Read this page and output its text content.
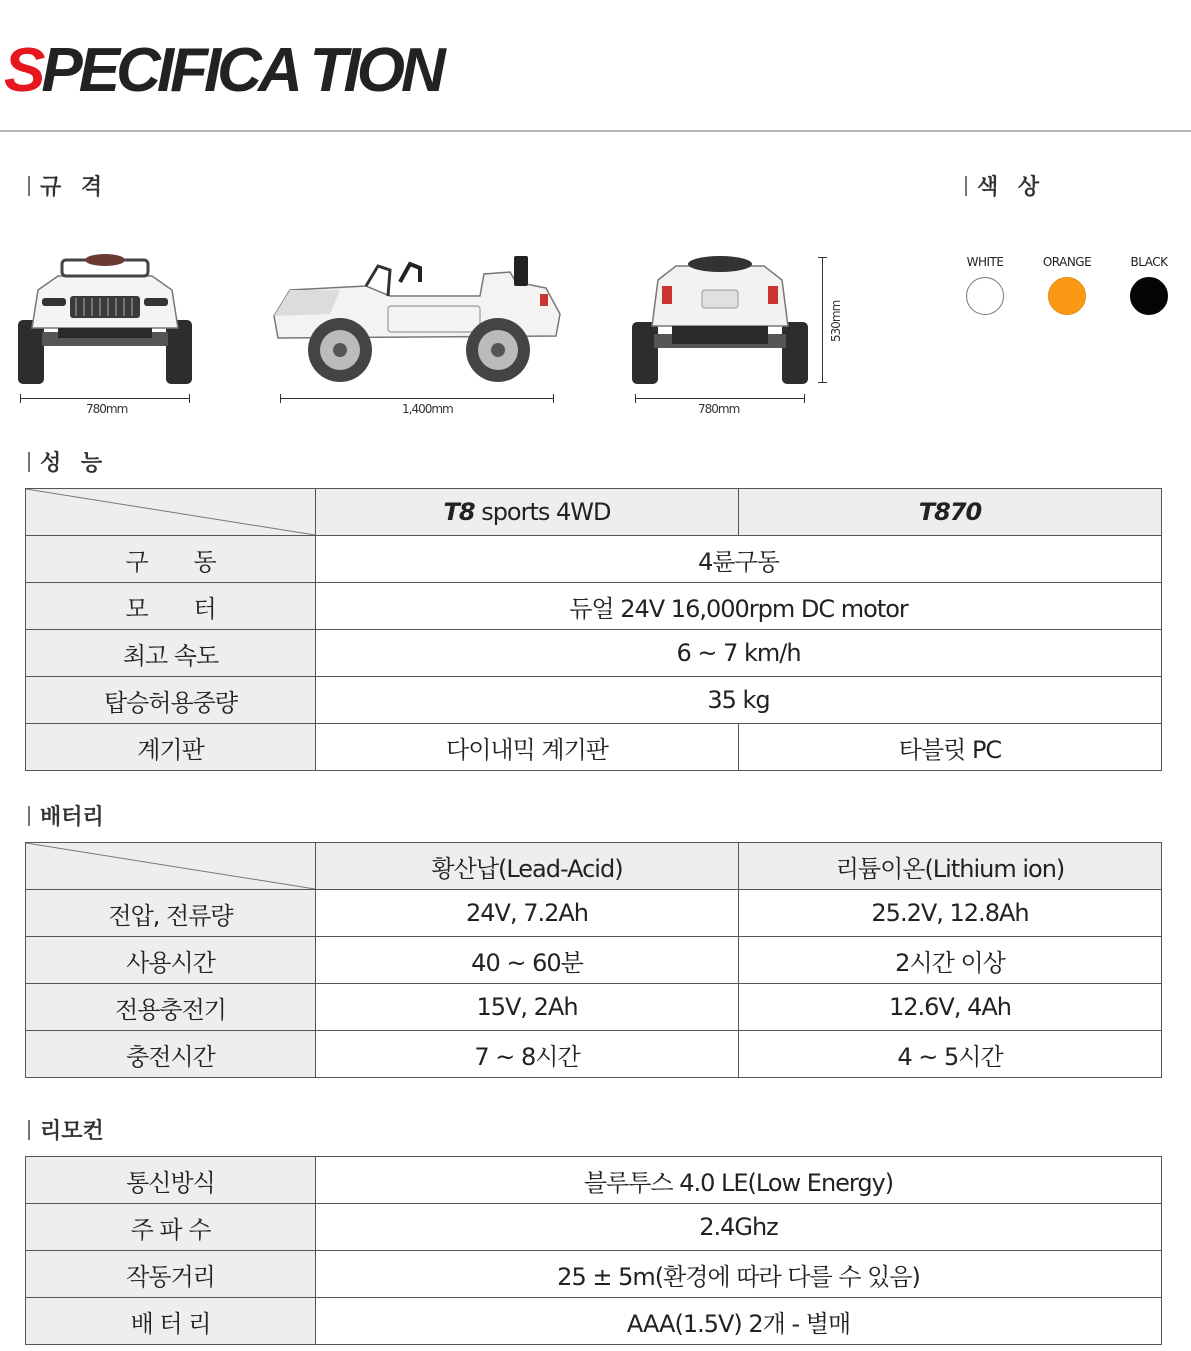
SPECIFICA TION
규 격	색 상
780mm	1,400mm	780mm
530mm
WHITE	ORANGE	BLACK
성 능
	T8 sports 4WD	T870
구　　동	4륜구동	
모　　터	듀얼 24V 16,000rpm DC motor	
최고 속도	6 ~ 7 km/h	
탑승허용중량	35 kg	
계기판	다이내믹 계기판	타블릿 PC
배터리
	황산납(Lead-Acid)	리튬이온(Lithium ion)
전압, 전류량	24V, 7.2Ah	25.2V, 12.8Ah
사용시간	40 ~ 60분	2시간 이상
전용충전기	15V, 2Ah	12.6V, 4Ah
충전시간	7 ~ 8시간	4 ~ 5시간
리모컨
통신방식	블루투스 4.0 LE(Low Energy)
주 파 수	2.4Ghz
작동거리	25 ± 5m(환경에 따라 다를 수 있음)
배 터 리	AAA(1.5V) 2개 - 별매
